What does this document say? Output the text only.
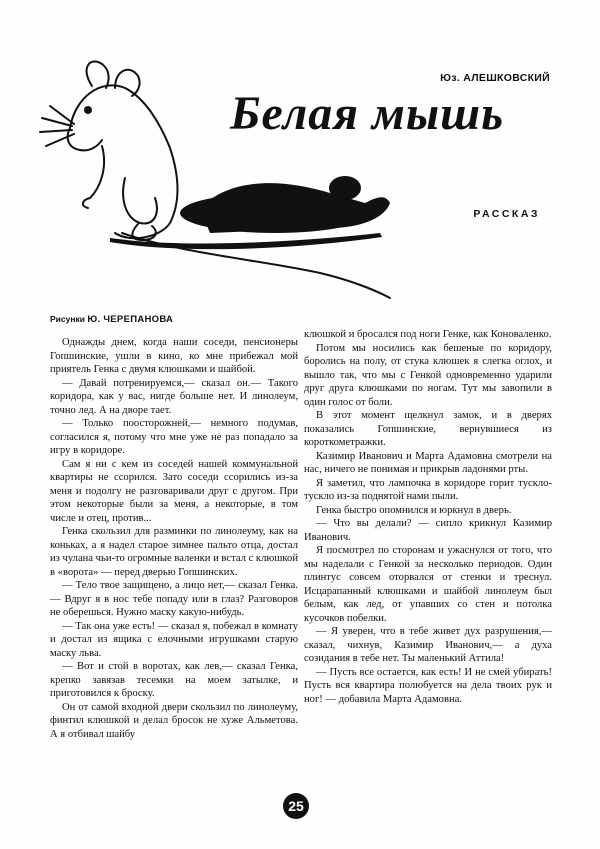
Юз. АЛЕШКОВСКИЙ
Белая мышь
РАССКАЗ
Рисунки Ю. ЧЕРЕПАНОВА

Однажды днем, когда наши соседи, пенсионеры Гопшинские, ушли в кино, ко мне прибежал мой приятель Генка с двумя клюшками и шайбой.

— Давай потренируемся,— сказал он.— Такого коридора, как у вас, нигде больше нет. И линолеум, точно лед. А на дворе тает.

— Только поосторожней,— немного подумав, согласился я, потому что мне уже не раз попадало за игру в коридоре.

Сам я ни с кем из соседей нашей коммунальной квартиры не ссорился. Зато соседи ссорились из-за меня и подолгу не разговаривали друг с другом. При этом некоторые были за меня, а некоторые, в том числе и отец, против...

Генка скользил для разминки по линолеуму, как на коньках, а я надел старое зимнее пальто отца, достал из чулана чьи-то огромные валенки и встал с клюшкой в «ворота» — перед дверью Гопшинских.

— Тело твое защищено, а лицо нет,— сказал Генка.— Вдруг я в нос тебе попаду или в глаз? Разговоров не оберешься. Нужно маску какую-нибудь.

— Так она уже есть! — сказал я, побежал в комнату и достал из ящика с елочными игрушками старую маску льва.

— Вот и стой в воротах, как лев,— сказал Генка, крепко завязав тесемки на моем затылке, и приготовился к броску.

Он от самой входной двери скользил по линолеуму, финтил клюшкой и делал бросок не хуже Альметова. А я отбивал шайбу

клюшкой и бросался под ноги Генке, как Коноваленко.

Потом мы носились как бешеные по коридору, боролись на полу, от стука клюшек я слегка оглох, и вышло так, что мы с Генкой одновременно ударили друг друга клюшками по ногам. Тут мы завопили в один голос от боли.

В этот момент щелкнул замок, и в дверях показались Гопшинские, вернувшиеся из короткометражки.

Казимир Иванович и Марта Адамовна смотрели на нас, ничего не понимая и прикрыв ладонями рты.

Я заметил, что лампочка в коридоре горит тускло-тускло из-за поднятой нами пыли.

Генка быстро опомнился и юркнул в дверь.

— Что вы делали? — сипло крикнул Казимир Иванович.

Я посмотрел по сторонам и ужаснулся от того, что мы наделали с Генкой за несколько периодов. Один плинтус совсем оторвался от стенки и треснул. Исцарапанный клюшками и шайбой линолеум был белым, как лед, от упавших со стен и потолка кусочков побелки.

— Я уверен, что в тебе живет дух разрушения,— сказал, чихнув, Казимир Иванович,— а духа созидания в тебе нет. Ты маленький Аттила!

— Пусть все остается, как есть! И не смей убирать! Пусть вся квартира полюбуется на дела твоих рук и ног! — добавила Марта Адамовна.

25
